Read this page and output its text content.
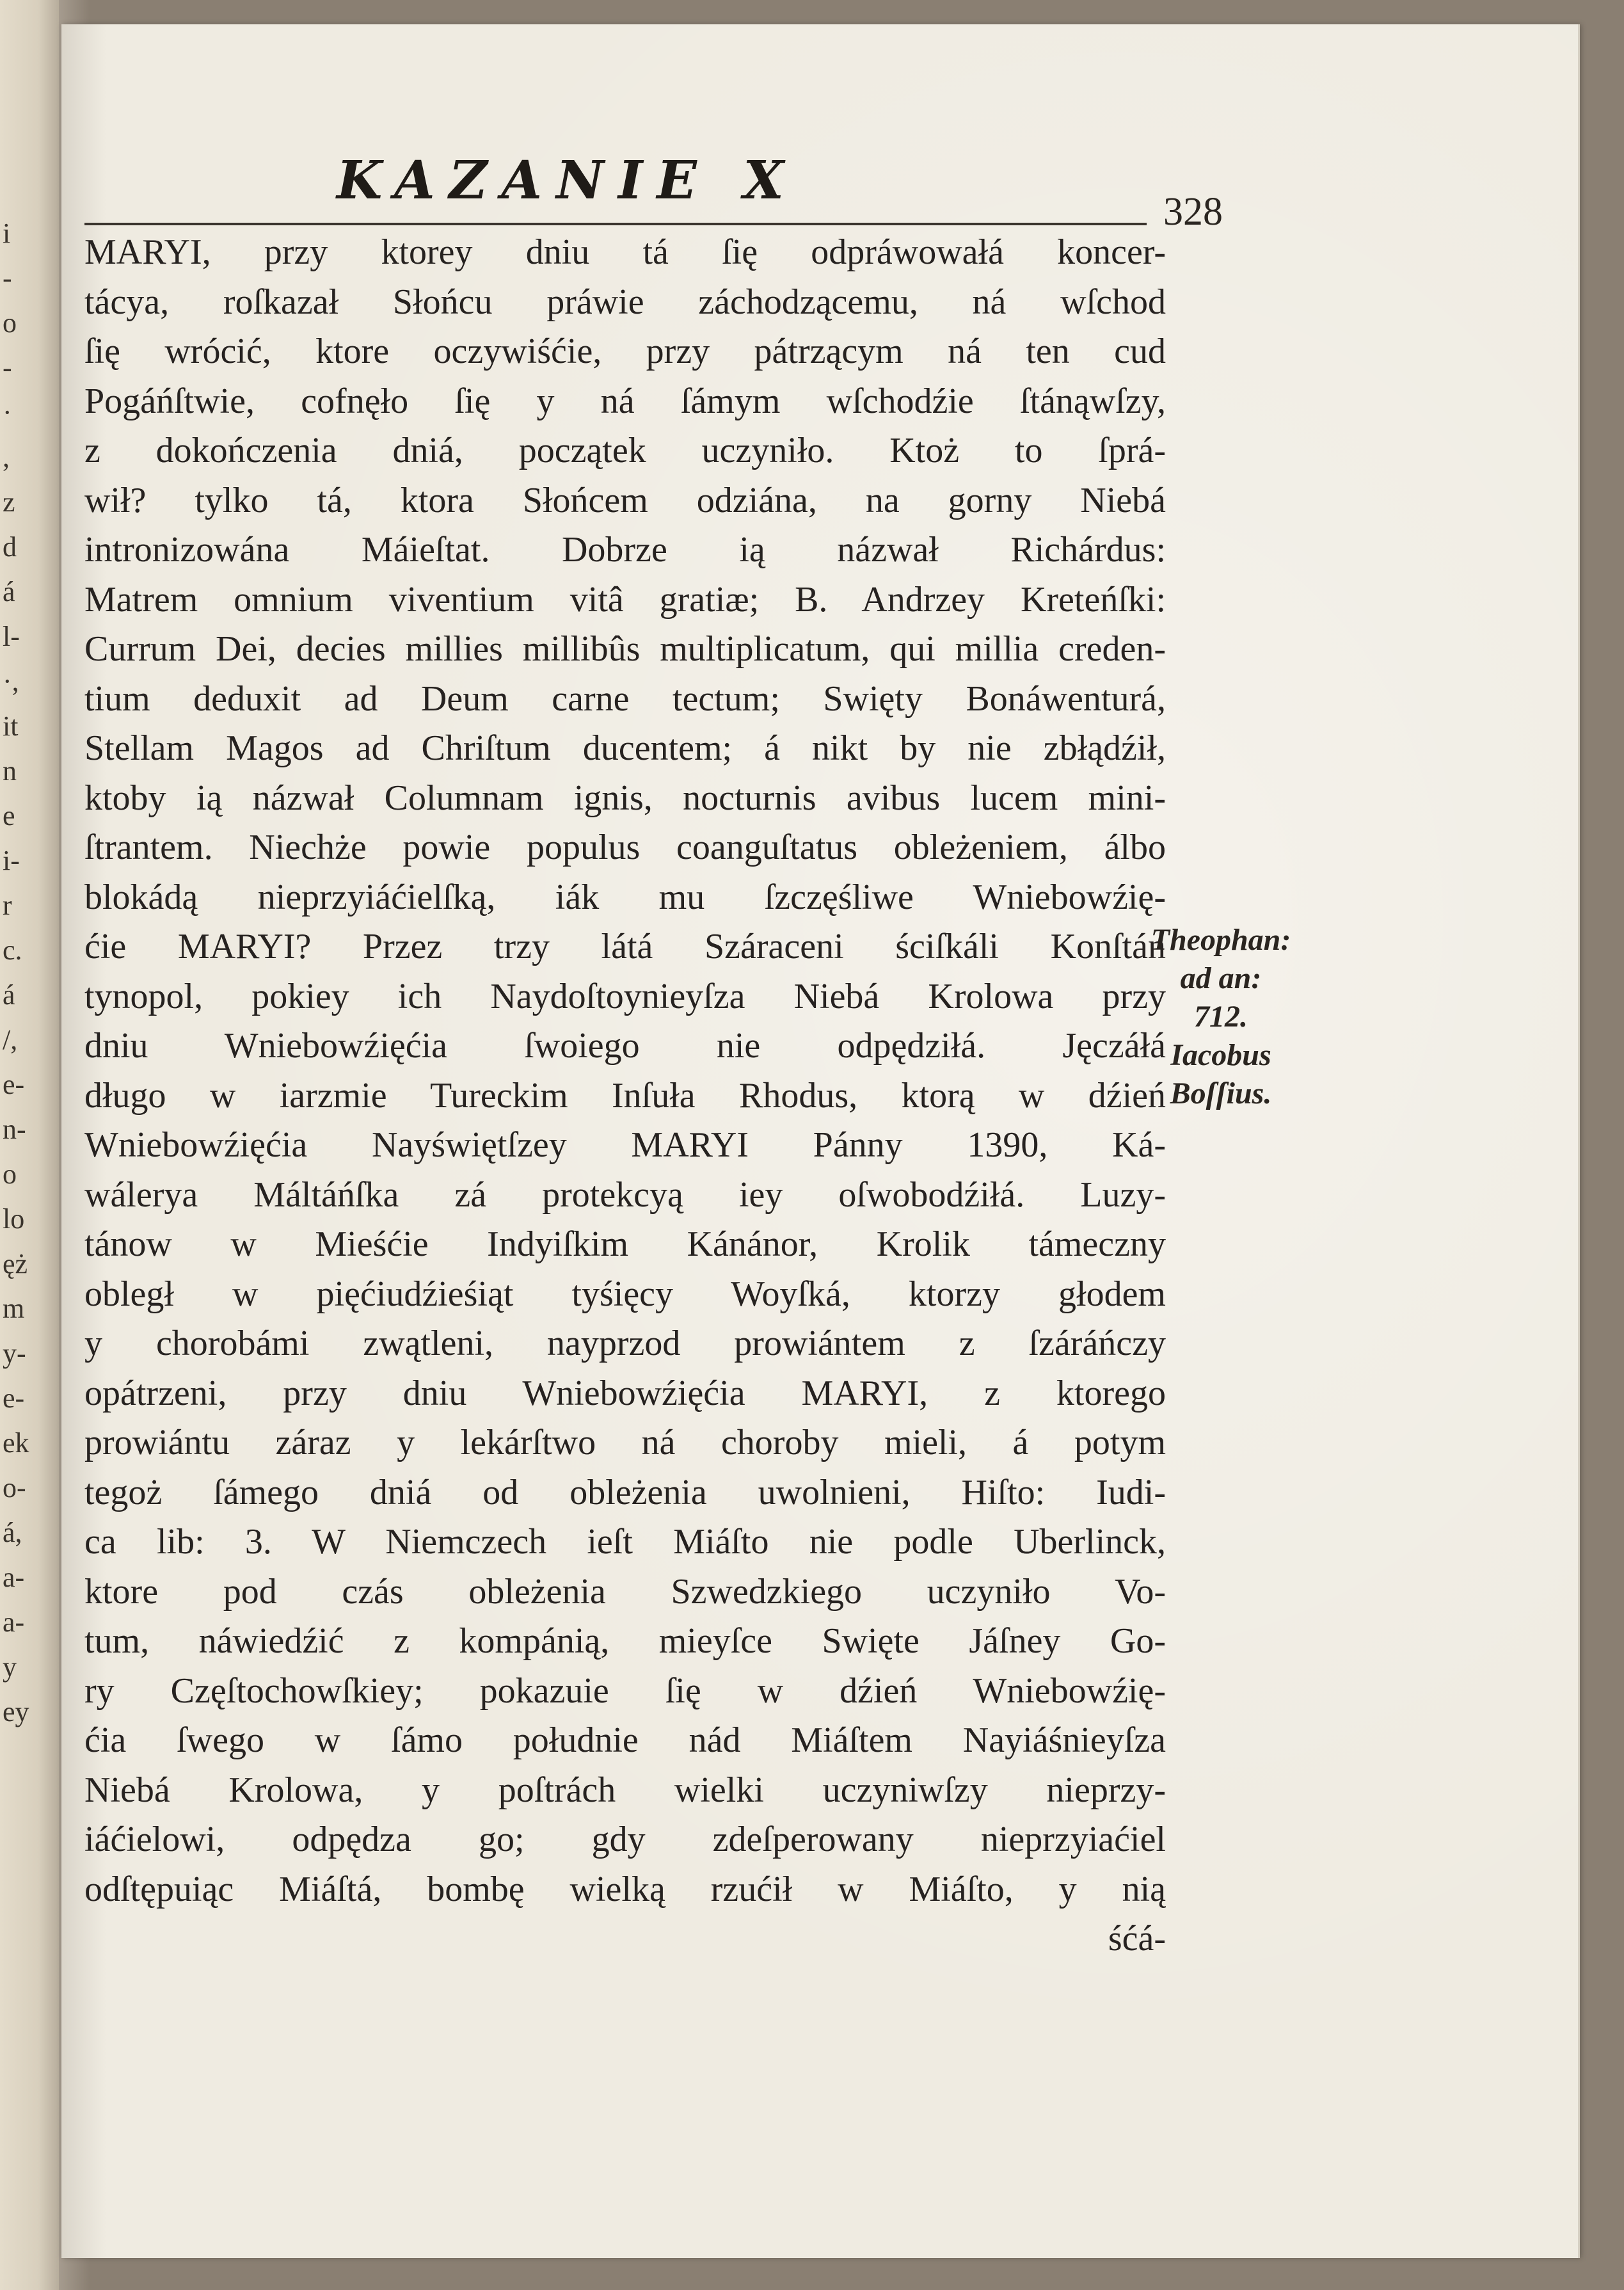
i
-
o
-
·
,
z
d
á
l-
·,
it
n
e
i-
r
c.
á
/,
e-
n-
o
lo
ęż
m
y-
e-
ek
o-
á,
a-
a-
y
ey
KAZANIE X
328
MARYI, przy ktorey dniu tá ſię odpráwowałá koncer-
tácya, roſkazał Słońcu práwie záchodzącemu, ná wſchod
ſię wrócić, ktore oczywiśćie, przy pátrzącym ná ten cud
Pogáńſtwie, cofnęło ſię y ná ſámym wſchodźie ſtánąwſzy,
z dokończenia dniá, początek uczyniło. Ktoż to ſprá-
wił? tylko tá, ktora Słońcem odziána, na gorny Niebá
intronizowána Máieſtat. Dobrze ią názwał Richárdus:
Matrem omnium viventium vitâ gratiæ; B. Andrzey Kreteńſki:
Currum Dei, decies millies millibûs multiplicatum, qui millia creden-
tium deduxit ad Deum carne tectum; Swięty Bonáwenturá,
Stellam Magos ad Chriſtum ducentem; á nikt by nie zbłądźił,
ktoby ią názwał Columnam ignis, nocturnis avibus lucem mini-
ſtrantem. Niechże powie populus coanguſtatus obleżeniem, álbo
blokádą nieprzyiáćielſką, iák mu ſzczęśliwe Wniebowźię-
ćie MARYI? Przez trzy látá Száraceni ściſkáli Konſtán
tynopol, pokiey ich Naydoſtoynieyſza Niebá Krolowa przy
dniu Wniebowźięćia ſwoiego nie odpędziłá. Jęczáłá
długo w iarzmie Tureckim Inſuła Rhodus, ktorą w dźień
Wniebowźięćia Nayświętſzey MARYI Pánny 1390, Ká-
wálerya Máltáńſka zá protekcyą iey oſwobodźiłá. Luzy-
tánow w Mieśćie Indyiſkim Kánánor, Krolik támeczny
obległ w pięćiudźieśiąt tyśięcy Woyſká, ktorzy głodem
y chorobámi zwątleni, nayprzod prowiántem z ſzáráńczy
opátrzeni, przy dniu Wniebowźięćia MARYI, z ktorego
prowiántu záraz y lekárſtwo ná choroby mieli, á potym
tegoż ſámego dniá od obleżenia uwolnieni, Hiſto: Iudi-
ca lib: 3. W Niemczech ieſt Miáſto nie podle Uberlinck,
ktore pod czás obleżenia Szwedzkiego uczyniło Vo-
tum, náwiedźić z kompánią, mieyſce Swięte Jáſney Go-
ry Częſtochowſkiey; pokazuie ſię w dźień Wniebowźię-
ćia ſwego w ſámo południe nád Miáſtem Nayiáśnieyſza
Niebá Krolowa, y poſtrách wielki uczyniwſzy nieprzy-
iáćielowi, odpędza go; gdy zdeſperowany nieprzyiaćiel
odſtępuiąc Miáſtá, bombę wielką rzućił w Miáſto, y nią
śćá-
Theophan:
ad an:
712.
Iacobus
Boſſius.
